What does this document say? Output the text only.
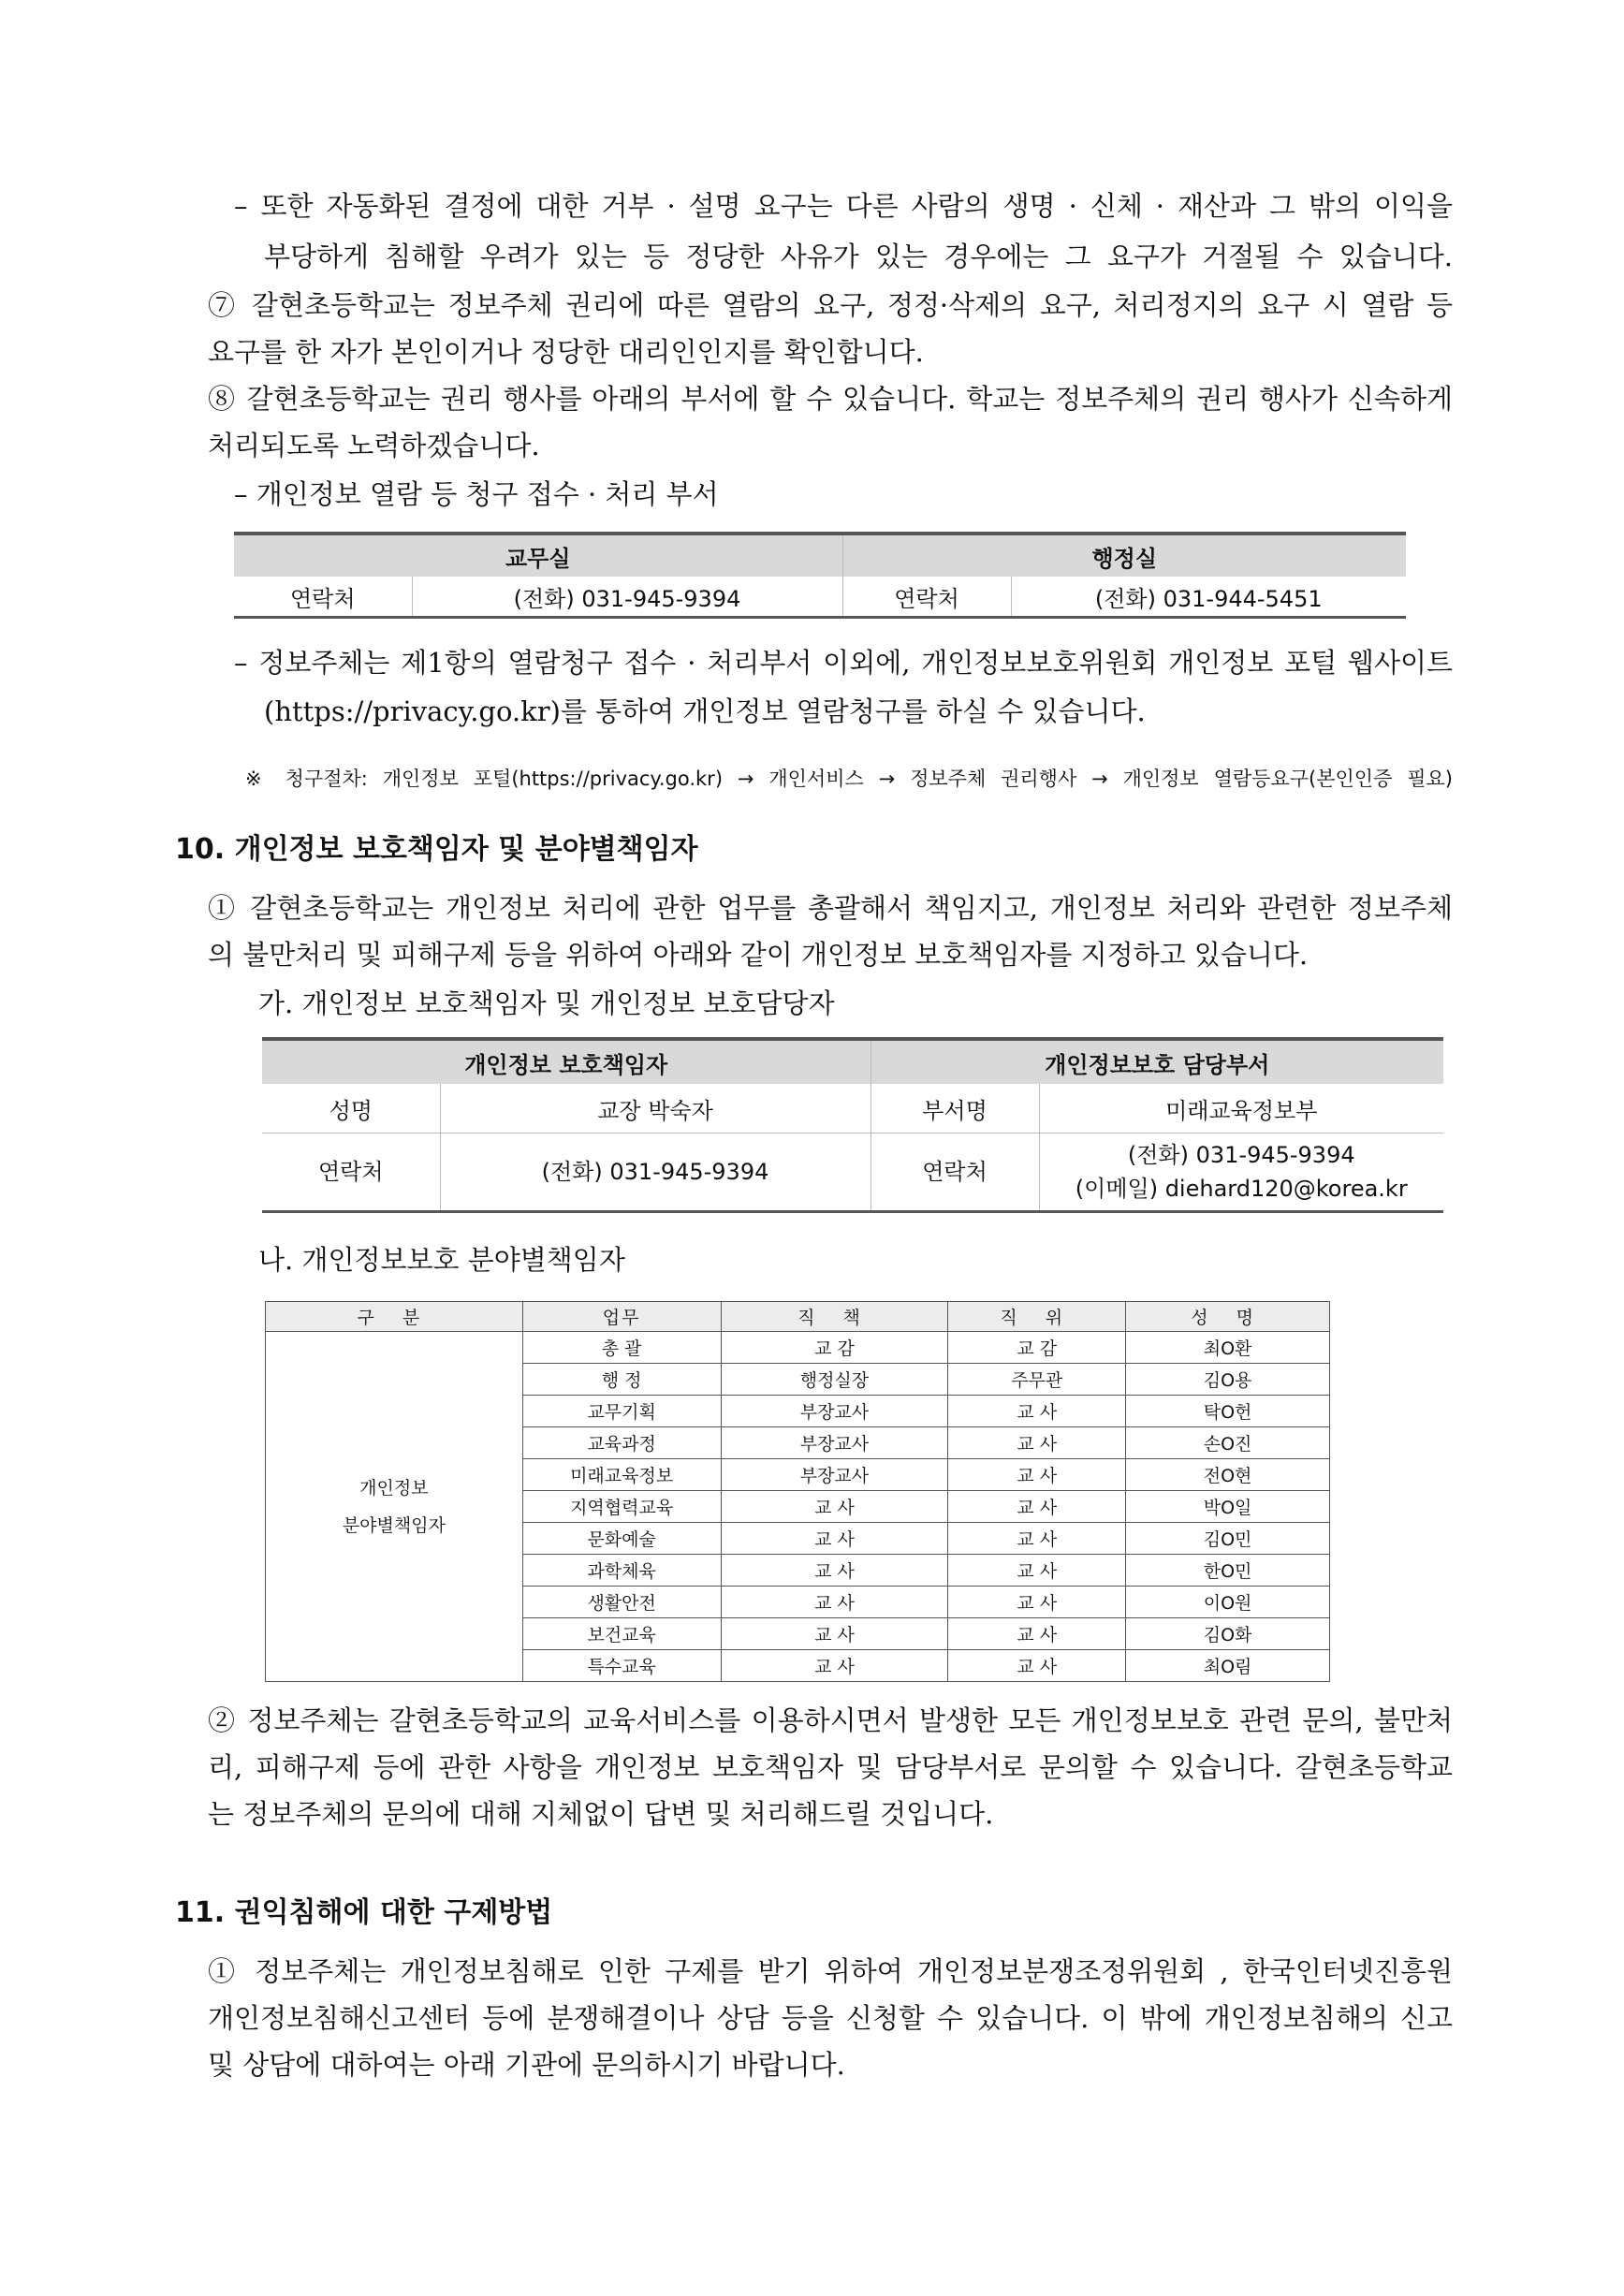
– 또한 자동화된 결정에 대한 거부 · 설명 요구는 다른 사람의 생명 · 신체 · 재산과 그 밖의 이익을

부당하게 침해할 우려가 있는 등 정당한 사유가 있는 경우에는 그 요구가 거절될 수 있습니다.

⑦ 갈현초등학교는 정보주체 권리에 따른 열람의 요구, 정정·삭제의 요구, 처리정지의 요구 시 열람 등

요구를 한 자가 본인이거나 정당한 대리인인지를 확인합니다.

⑧ 갈현초등학교는 권리 행사를 아래의 부서에 할 수 있습니다. 학교는 정보주체의 권리 행사가 신속하게

처리되도록 노력하겠습니다.

– 개인정보 열람 등 청구 접수 · 처리 부서

교무실		행정실	
연락처	(전화) 031-945-9394	연락처	(전화) 031-944-5451

– 정보주체는 제1항의 열람청구 접수 · 처리부서 이외에, 개인정보보호위원회 개인정보 포털 웹사이트

(https://privacy.go.kr)를 통하여 개인정보 열람청구를 하실 수 있습니다.

※ 청구절차: 개인정보 포털(https://privacy.go.kr) → 개인서비스 → 정보주체 권리행사 → 개인정보 열람등요구(본인인증 필요)

10. 개인정보 보호책임자 및 분야별책임자

① 갈현초등학교는 개인정보 처리에 관한 업무를 총괄해서 책임지고, 개인정보 처리와 관련한 정보주체

의 불만처리 및 피해구제 등을 위하여 아래와 같이 개인정보 보호책임자를 지정하고 있습니다.

가. 개인정보 보호책임자 및 개인정보 보호담당자

개인정보 보호책임자		개인정보보호 담당부서	
성명	교장 박숙자	부서명	미래교육정보부
연락처	(전화) 031-945-9394	연락처	(전화) 031-945-9394
(이메일) diehard120@korea.kr

나. 개인정보보호 분야별책임자

구 분	업무	직 책	직 위	성 명

개인정보
분야별책임자	총 괄	교 감	교 감	최O환
	행 정	행정실장	주무관	김O용
	교무기획	부장교사	교 사	탁O헌
	교육과정	부장교사	교 사	손O진
	미래교육정보	부장교사	교 사	전O현
	지역협력교육	교 사	교 사	박O일
	문화예술	교 사	교 사	김O민
	과학체육	교 사	교 사	한O민
	생활안전	교 사	교 사	이O원
	보건교육	교 사	교 사	김O화
	특수교육	교 사	교 사	최O림

② 정보주체는 갈현초등학교의 교육서비스를 이용하시면서 발생한 모든 개인정보보호 관련 문의, 불만처

리, 피해구제 등에 관한 사항을 개인정보 보호책임자 및 담당부서로 문의할 수 있습니다. 갈현초등학교

는 정보주체의 문의에 대해 지체없이 답변 및 처리해드릴 것입니다.

11. 권익침해에 대한 구제방법

① 정보주체는 개인정보침해로 인한 구제를 받기 위하여 개인정보분쟁조정위원회 , 한국인터넷진흥원

개인정보침해신고센터 등에 분쟁해결이나 상담 등을 신청할 수 있습니다. 이 밖에 개인정보침해의 신고

및 상담에 대하여는 아래 기관에 문의하시기 바랍니다.
